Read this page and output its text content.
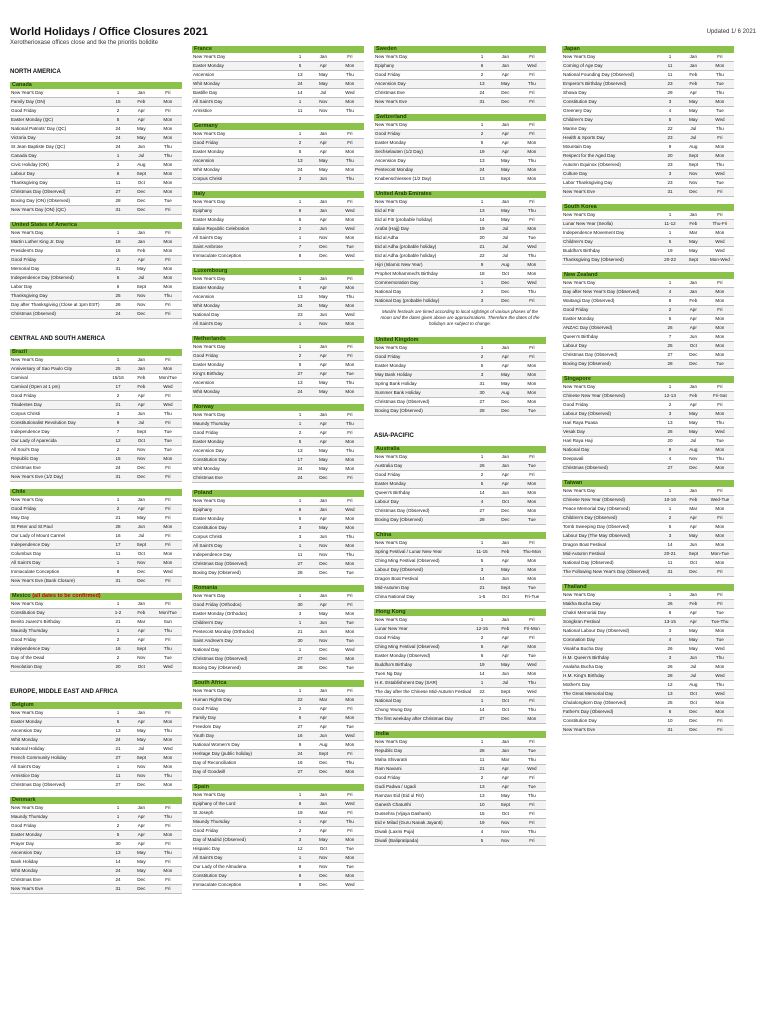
World Holidays / Office Closures 2021
Xerotherioxase offices close and tke the prioritis bolidite
Updated 1/ 6 2021
NORTH AMERICA
Canada
New Year's Day	1	Jan	Fri
Family Day (ON)	15	Feb	Mon
Good Friday	2	Apr	Fri
Easter Monday (QC)	5	Apr	Mon
National Patriots' Day (QC)	24	May	Mon
Victoria Day	24	May	Mon
St Jean Baptiste Day (QC)	24	Jun	Thu
Canada Day	1	Jul	Thu
Civic Holiday (ON)	2	Aug	Mon
Labour Day	6	Sept	Mon
Thanksgiving Day	11	Oct	Mon
Christmas Day (Observed)	27	Dec	Mon
Boxing Day (ON) (Observed)	28	Dec	Tue
New Year's Day (ON) (QC)	31	Dec	Fri
United States of America
New Year's Day	1	Jan	Fri
Martin Luther King Jr. Day	18	Jan	Mon
President's Day	15	Feb	Mon
Good Friday	2	Apr	Fri
Memorial Day	31	May	Mon
Independence Day (Observed)	5	Jul	Mon
Labor Day	6	Sept	Mon
Thanksgiving Day	25	Nov	Thu
Day after Thanksgiving (Close at 1pm EST)	26	Nov	Fri
Christmas (Observed)	24	Dec	Fri
CENTRAL AND SOUTH AMERICA
Brazil
New Year's Day	1	Jan	Fri
Anniversary of Sao Paulo City	25	Jan	Mon
Carnival	15/16	Feb	Mon/Tue
Carnival (Open at 1 pm)	17	Feb	Wed
Good Friday	2	Apr	Fri
Tiradentes Day	21	Apr	Wed
Corpus Christi	3	Jun	Thu
Constitutionalist Revolution Day	9	Jul	Fri
Independence Day	7	Sept	Tue
Our Lady of Aparecida	12	Oct	Tue
All Soul's Day	2	Nov	Tue
Republic Day	15	Nov	Mon
Christmas Eve	24	Dec	Fri
New Year's Eve (1/2 Day)	31	Dec	Fri
Chile
New Year's Day	1	Jan	Fri
Good Friday	2	Apr	Fri
May Day	21	May	Fri
St Peter and St Paul	28	Jun	Mon
Our Lady of Mount Carmel	16	Jul	Fri
Independence Day	17	Sept	Fri
Columbus Day	11	Oct	Mon
All Saint's Day	1	Nov	Mon
Immaculate Conception	8	Dec	Wed
New Year's Eve (Bank Closure)	31	Dec	Fri
Mexico (all dates to be confirmed)
New Year's Day	1	Jan	Fri
Constitution Day	1-2	Feb	Mon/Tue
Benito Juarez's Birthday	21	Mar	Sun
Maundy Thursday	1	Apr	Thu
Good Friday	2	Apr	Fri
Independence Day	16	Sept	Thu
Day of the Dead	2	Nov	Tue
Revolution Day	20	Oct	Wed
EUROPE, MIDDLE EAST AND AFRICA
Belgium
New Year's Day	1	Jan	Fri
Easter Monday	5	Apr	Mon
Ascension Day	13	May	Thu
Whit Monday	24	May	Mon
National Holiday	21	Jul	Wed
French Community Holiday	27	Sept	Mon
All Saint's Day	1	Nov	Mon
Armistice Day	11	Nov	Thu
Christmas Day (Observed)	27	Dec	Mon
Denmark
New Year's Day	1	Jan	Fri
Maundy Thursday	1	Apr	Thu
Good Friday	2	Apr	Fri
Easter Monday	5	Apr	Mon
Prayer Day	30	Apr	Fri
Ascension Day	13	May	Thu
Bank Holiday	14	May	Fri
Whit Monday	24	May	Mon
Christmas Eve	24	Dec	Fri
New Year's Eve	31	Dec	Fri
France
New Year's Day	1	Jan	Fri
Easter Monday	5	Apr	Mon
Ascension	13	May	Thu
Whit Monday	24	May	Mon
Bastille Day	14	Jul	Wed
All Saint's Day	1	Nov	Mon
Armistice	11	Nov	Thu
Germany
New Year's Day	1	Jan	Fri
Good Friday	2	Apr	Fri
Easter Monday	5	Apr	Mon
Ascension	13	May	Thu
Whit Monday	24	May	Mon
Corpus Christi	3	Jun	Thu
Italy
New Year's Day	1	Jan	Fri
Epiphany	6	Jan	Wed
Easter Monday	5	Apr	Mon
Italian Republic Celebration	2	Jun	Wed
All Saint's Day	1	Nov	Mon
Saint Ambrose	7	Dec	Tue
Immaculate Conception	8	Dec	Wed
Luxembourg
New Year's Day	1	Jan	Fri
Easter Monday	5	Apr	Mon
Ascension	13	May	Thu
Whit Monday	24	May	Mon
National Day	23	Jun	Wed
All Saint's Day	1	Nov	Mon
Netherlands
New Year's Day	1	Jan	Fri
Good Friday	2	Apr	Fri
Easter Monday	5	Apr	Mon
King's Birthday	27	Apr	Tue
Ascension	13	May	Thu
Whit Monday	24	May	Mon
Norway
New Year's Day	1	Jan	Fri
Maundy Thursday	1	Apr	Thu
Good Friday	2	Apr	Fri
Easter Monday	5	Apr	Mon
Ascension Day	13	May	Thu
Constitution Day	17	May	Mon
Whit Monday	24	May	Mon
Christmas Eve	24	Dec	Fri
Poland
New Year's Day	1	Jan	Fri
Epiphany	6	Jan	Wed
Easter Monday	5	Apr	Mon
Constitution Day	3	May	Mon
Corpus Christi	3	Jun	Thu
All Saint's Day	1	Nov	Mon
Independence Day	11	Nov	Thu
Christmas Day (Observed)	27	Dec	Mon
Boxing Day (Observed)	28	Dec	Tue
Romania
New Year's Day	1	Jan	Fri
Good Friday (Orthodox)	30	Apr	Fri
Easter Monday (Orthodox)	3	May	Mon
Children's Day	1	Jun	Tue
Pentecost Monday (Orthodox)	21	Jun	Mon
Saint Andrew's Day	30	Nov	Tue
National Day	1	Dec	Wed
Christmas Day (Observed)	27	Dec	Mon
Boxing Day (Observed)	28	Dec	Tue
South Africa
New Year's Day	1	Jan	Fri
Human Rights Day	22	Mar	Mon
Good Friday	2	Apr	Fri
Family Day	5	Apr	Mon
Freedom Day	27	Apr	Tue
Youth Day	16	Jun	Wed
National Women's Day	9	Aug	Mon
Heritage Day (public holiday)	24	Sept	Fri
Day of Reconciliation	16	Dec	Thu
Day of Goodwill	27	Dec	Mon
Spain
New Year's Day	1	Jan	Fri
Epiphany of the Lord	6	Jan	Wed
St Joseph	19	Mar	Fri
Maundy Thursday	1	Apr	Thu
Good Friday	2	Apr	Fri
Day of Madrid (Observed)	3	May	Mon
Hispanic Day	12	Oct	Tue
All Saint's Day	1	Nov	Mon
Our Lady of the Almudena	9	Nov	Tue
Constitution Day	6	Dec	Mon
Immaculate Conception	8	Dec	Wed
Sweden
New Year's Day	1	Jan	Fri
Epiphany	6	Jan	Wed
Good Friday	2	Apr	Fri
Ascension Day	13	May	Thu
Christmas Eve	24	Dec	Fri
New Year's Eve	31	Dec	Fri
Switzerland
New Year's Day	1	Jan	Fri
Good Friday	2	Apr	Fri
Easter Monday	5	Apr	Mon
Sechselauten (1/2 Day)	19	Apr	Mon
Ascension Day	13	May	Thu
Pentecost Monday	24	May	Mon
Knabenschiessen (1/2 Day)	13	Sept	Mon
United Arab Emirates
New Year's Day	1	Jan	Fri
Eid al Fitr	13	May	Thu
Eid al Fitr (probable holiday)	14	May	Fri
Arafat (Hajj) Day	19	Jul	Mon
Eid al Adha	20	Jul	Tue
Eid al Adha (probable holiday)	21	Jul	Wed
Eid al Adha (probable holiday)	22	Jul	Thu
Hijri (Islamic New Year)	9	Aug	Mon
Prophet Mohammed's Birthday	18	Oct	Mon
Commemoration Day	1	Dec	Wed
National Day	2	Dec	Thu
National Day (probable holiday)	3	Dec	Fri
Muslim festivals are timed according to local sightings of various phases of the moon and the dates given above are approximations. Therefore the dates of the holidays are subject to change.
United Kingdom
New Year's Day	1	Jan	Fri
Good Friday	2	Apr	Fri
Easter Monday	5	Apr	Mon
May Bank Holiday	3	May	Mon
Spring Bank Holiday	31	May	Mon
Summer Bank Holiday	30	Aug	Mon
Christmas Day (Observed)	27	Dec	Mon
Boxing Day (Observed)	28	Dec	Tue
ASIA-PACIFIC
Australia
New Year's Day	1	Jan	Fri
Australia Day	26	Jan	Tue
Good Friday	2	Apr	Fri
Easter Monday	5	Apr	Mon
Queen's Birthday	14	Jun	Mon
Labour Day	4	Oct	Mon
Christmas Day (Observed)	27	Dec	Mon
Boxing Day (Observed)	28	Dec	Tue
China
New Year's Day	1	Jan	Fri
Spring Festival / Lunar New Year	11-15	Feb	Thu-Mon
Ching Ming Festival (Observed)	5	Apr	Mon
Labour Day (Observed)	3	May	Mon
Dragon Boat Festival	14	Jun	Mon
Mid-Autumn Day	21	Sept	Tue
China National Day	1-5	Oct	Fri-Tue
Hong Kong
New Year's Day	1	Jan	Fri
Lunar New Year	12-15	Feb	Fri-Mon
Good Friday	2	Apr	Fri
Ching Ming Festival (Observed)	5	Apr	Mon
Easter Monday (Observed)	6	Apr	Tue
Buddha's Birthday	19	May	Wed
Tuen Ng Day	14	Jun	Mon
H.K. Establishment Day (SAR)	1	Jul	Thu
The day after the Chinese Mid-Autumn Festival	22	Sept	Wed
National Day	1	Oct	Fri
Chung Yeung Day	14	Oct	Thu
The first weekday after Christmas Day	27	Dec	Mon
India
New Year's Day	1	Jan	Fri
Republic Day	26	Jan	Tue
Maha Shivaratri	11	Mar	Thu
Ram Navami	21	Apr	Wed
Good Friday	2	Apr	Fri
Gudi Padwa / Ugadi	13	Apr	Tue
Ramzan Eid (Eid ul Fitr)	13	May	Thu
Ganesh Chaturthi	10	Sept	Fri
Dussehra (Vijaya Dashami)	15	Oct	Fri
Eid e Milad (Guru Nanak Jayanti)	19	Nov	Fri
Diwali (Laxmi Puja)	4	Nov	Thu
Diwali (Balipratipada)	5	Nov	Fri
Japan
New Year's Day	1	Jan	Fri
Coming of Age Day	11	Jan	Mon
National Founding Day (Observed)	11	Feb	Thu
Emperor's Birthday (Observed)	23	Feb	Tue
Showa Day	29	Apr	Thu
Constitution Day	3	May	Mon
Greenery Day	4	May	Tue
Children's Day	5	May	Wed
Marine Day	22	Jul	Thu
Health & Sports Day	23	Jul	Fri
Mountain Day	9	Aug	Mon
Respect for the Aged Day	20	Sept	Mon
Autumn Equinox (Observed)	23	Sept	Thu
Culture Day	3	Nov	Wed
Labor Thanksgiving Day	23	Nov	Tue
New Year's Eve	31	Dec	Fri
South Korea
New Year's Day	1	Jan	Fri
Lunar New Year (Seolla)	11-12	Feb	Thu-Fri
Independence Movement Day	1	Mar	Mon
Children's Day	5	May	Wed
Buddha's Birthday	19	May	Wed
Thanksgiving Day (Observed)	20-22	Sept	Mon-Wed
New Zealand
New Year's Day	1	Jan	Fri
Day after New Year's Day (Observed)	4	Jan	Mon
Waitangi Day (Observed)	8	Feb	Mon
Good Friday	2	Apr	Fri
Easter Monday	5	Apr	Mon
ANZAC Day (Observed)	26	Apr	Mon
Queen's Birthday	7	Jun	Mon
Labour Day	25	Oct	Mon
Christmas Day (Observed)	27	Dec	Mon
Boxing Day (Observed)	28	Dec	Tue
Singapore
New Year's Day	1	Jan	Fri
Chinese New Year (Observed)	12-13	Feb	Fri-Sat
Good Friday	2	Apr	Fri
Labour Day (Observed)	3	May	Mon
Hari Raya Puasa	13	May	Thu
Vesak Day	26	May	Wed
Hari Raya Haji	20	Jul	Tue
National Day	9	Aug	Mon
Deepavali	4	Nov	Thu
Christmas (Observed)	27	Dec	Mon
Taiwan
New Year's Day	1	Jan	Fri
Chinese New Year (Observed)	10-16	Feb	Wed-Tue
Peace Memorial Day (Observed)	1	Mar	Mon
Children's Day (Observed)	2	Apr	Fri
Tomb Sweeping Day (Observed)	5	Apr	Mon
Labour Day (The May Observed)	3	May	Mon
Dragon Boat Festival	14	Jun	Mon
Mid-Autumn Festival	20-21	Sept	Mon-Tue
National Day (Observed)	11	Oct	Mon
The Following New Year's Day (Observed)	31	Dec	Fri
Thailand
New Year's Day	1	Jan	Fri
Makha Bucha Day	26	Feb	Fri
Chakri Memorial Day	6	Apr	Tue
Songkran Festival	13-15	Apr	Tue-Thu
National Labour Day (Observed)	3	May	Mon
Coronation Day	4	May	Tue
Visakha Bucha Day	26	May	Wed
H.M. Queen's Birthday	3	Jun	Thu
Asalaha Bucha Day	26	Jul	Mon
H.M. King's Birthday	28	Jul	Wed
Mother's Day	12	Aug	Thu
The Great Memorial Day	13	Oct	Wed
Chulalongkorn Day (Observed)	25	Oct	Mon
Father's Day (Observed)	6	Dec	Mon
Constitution Day	10	Dec	Fri
New Year's Eve	31	Dec	Fri
